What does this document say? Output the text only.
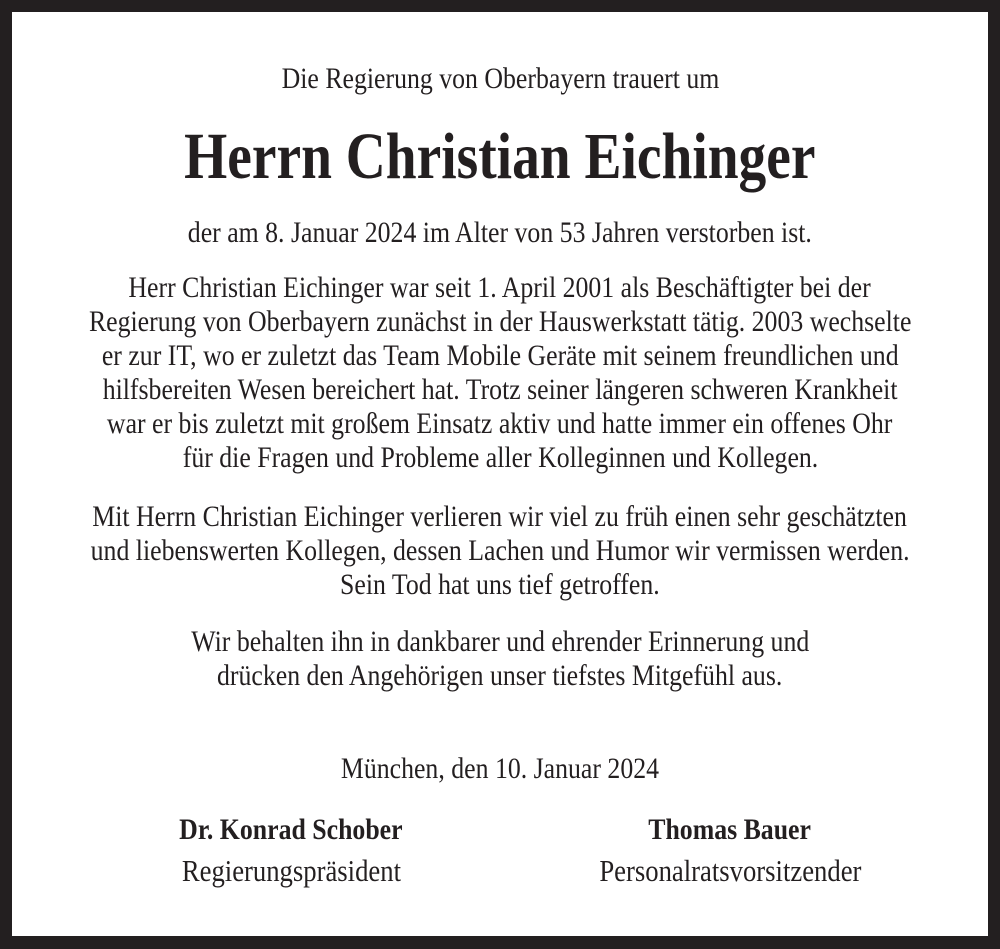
Die Regierung von Oberbayern trauert um
Herrn Christian Eichinger
der am 8. Januar 2024 im Alter von 53 Jahren verstorben ist.
Herr Christian Eichinger war seit 1. April 2001 als Beschäftigter bei der
Regierung von Oberbayern zunächst in der Hauswerkstatt tätig. 2003 wechselte
er zur IT, wo er zuletzt das Team Mobile Geräte mit seinem freundlichen und
hilfsbereiten Wesen bereichert hat. Trotz seiner längeren schweren Krankheit
war er bis zuletzt mit großem Einsatz aktiv und hatte immer ein offenes Ohr
für die Fragen und Probleme aller Kolleginnen und Kollegen.
Mit Herrn Christian Eichinger verlieren wir viel zu früh einen sehr geschätzten
und liebenswerten Kollegen, dessen Lachen und Humor wir vermissen werden.
Sein Tod hat uns tief getroffen.
Wir behalten ihn in dankbarer und ehrender Erinnerung und
drücken den Angehörigen unser tiefstes Mitgefühl aus.
München, den 10. Januar 2024
Dr. Konrad Schober
Regierungspräsident
Thomas Bauer
Personalratsvorsitzender
